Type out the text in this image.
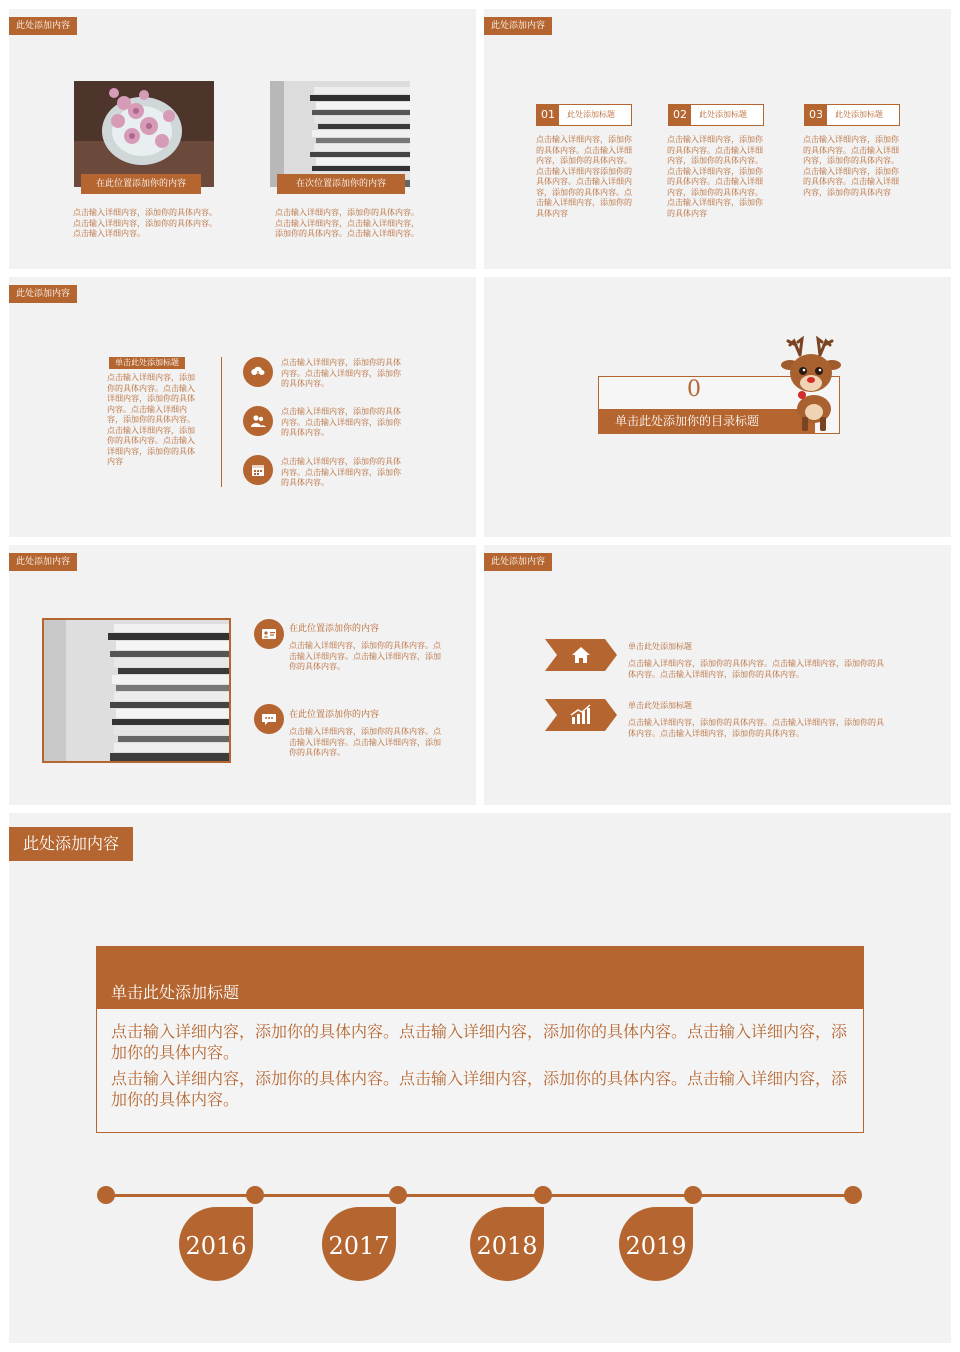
此处添加内容
在此位置添加你的内容
点击输入详细内容，添加你的具体内容。点击输入详细内容，添加你的具体内容。点击输入详细内容。
在次位置添加你的内容
点击输入详细内容，添加你的具体内容。点击输入详细内容，点击输入详细内容，添加你的具体内容。点击输入详细内容。
此处添加内容
01	此处添加标题
点击输入详细内容，添加你的具体内容。点击输入详细内容，添加你的具体内容。点击输入详细内容添加你的具体内容。点击输入详细内容，添加你的具体内容。点击输入详细内容，添加你的具体内容
02	此处添加标题
点击输入详细内容，添加你的具体内容。点击输入详细内容，添加你的具体内容。点击输入详细内容，添加你的具体内容。点击输入详细内容，添加你的具体内容。点击输入详细内容，添加你的具体内容
03	此处添加标题
点击输入详细内容，添加你的具体内容。点击输入详细内容，添加你的具体内容。点击输入详细内容，添加你的具体内容。点击输入详细内容，添加你的具体内容
此处添加内容
单击此处添加标题
点击输入详细内容，添加你的具体内容。点击输入详细内容，添加你的具体内容。点击输入详细内容，添加你的具体内容。点击输入详细内容，添加你的具体内容。点击输入详细内容，添加你的具体内容
点击输入详细内容，添加你的具体内容。点击输入详细内容，添加你的具体内容。
点击输入详细内容，添加你的具体内容。点击输入详细内容，添加你的具体内容。
点击输入详细内容，添加你的具体内容。点击输入详细内容，添加你的具体内容。
0
单击此处添加你的目录标题
此处添加内容
在此位置添加你的内容
点击输入详细内容，添加你的具体内容。点击输入详细内容。点击输入详细内容，添加你的具体内容。
在此位置添加你的内容
点击输入详细内容，添加你的具体内容。点击输入详细内容。点击输入详细内容，添加你的具体内容。
此处添加内容
单击此处添加标题
点击输入详细内容，添加你的具体内容。点击输入详细内容，添加你的具体内容。点击输入详细内容，添加你的具体内容。
单击此处添加标题
点击输入详细内容，添加你的具体内容。点击输入详细内容，添加你的具体内容。点击输入详细内容，添加你的具体内容。
此处添加内容
单击此处添加标题
点击输入详细内容，添加你的具体内容。点击输入详细内容，添加你的具体内容。点击输入详细内容，添加你的具体内容。
点击输入详细内容，添加你的具体内容。点击输入详细内容，添加你的具体内容。点击输入详细内容，添加你的具体内容。
2016	2017	2018	2019
